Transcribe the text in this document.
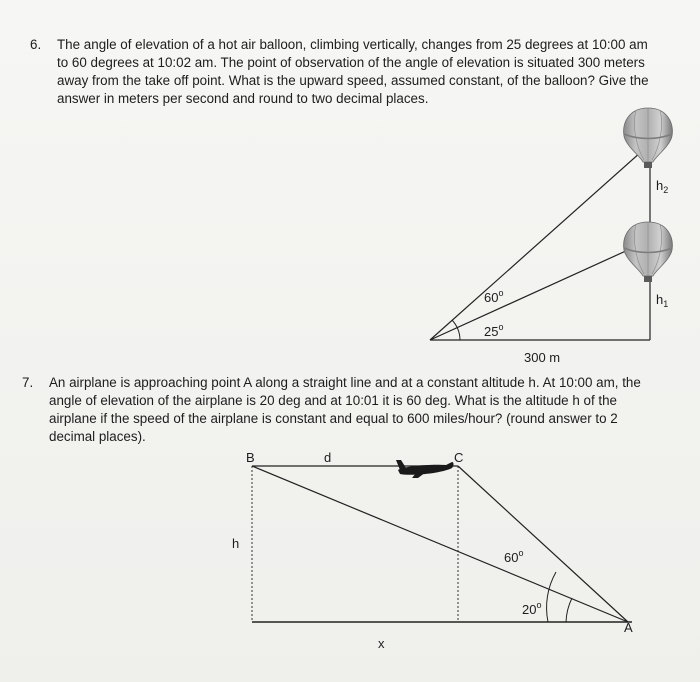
6. The angle of elevation of a hot air balloon, climbing vertically, changes from 25 degrees at 10:00 am to 60 degrees at 10:02 am. The point of observation of the angle of elevation is situated 300 meters away from the take off point. What is the upward speed, assumed constant, of the balloon? Give the answer in meters per second and round to two decimal places.
7. An airplane is approaching point A along a straight line and at a constant altitude h. At 10:00 am, the angle of elevation of the airplane is 20 deg and at 10:01 it is 60 deg. What is the altitude h of the airplane if the speed of the airplane is constant and equal to 600 miles/hour? (round answer to 2 decimal places).
60$^o$
25$^o$
300 m
$h_2$
$h_1$
B	d	C
h
60$^o$
20$^o$
A
x
